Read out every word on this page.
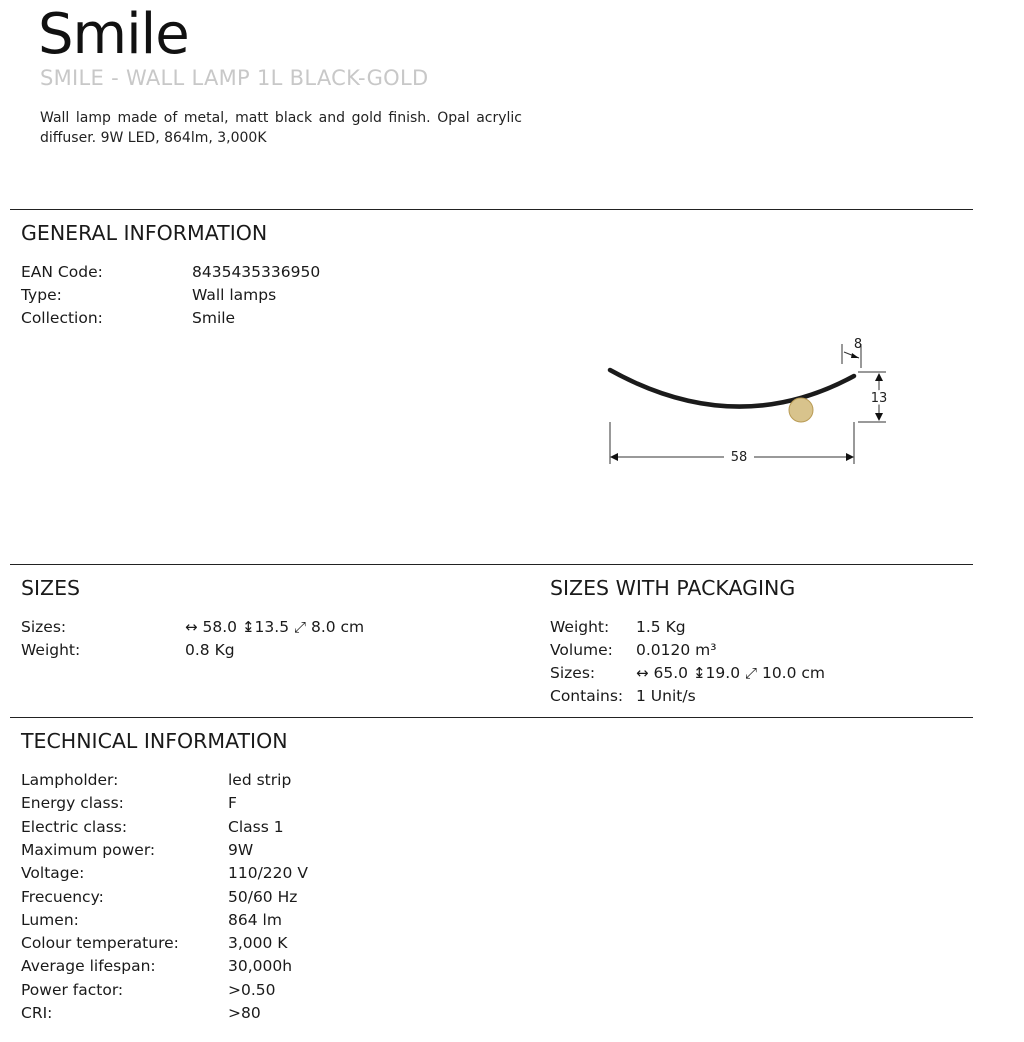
Smile
SMILE - WALL LAMP 1L BLACK-GOLD
Wall lamp made of metal, matt black and gold finish. Opal acrylic diffuser. 9W LED, 864lm, 3,000K
GENERAL INFORMATION
EAN Code:	8435435336950
Type:	Wall lamps
Collection:	Smile
8
13
58
SIZES
Sizes:	↔ 58.0 ↨13.5 ⤢ 8.0 cm
Weight:	0.8 Kg
SIZES WITH PACKAGING
Weight: 1.5 Kg
Volume: 0.0120 m³
Sizes:	↔ 65.0 ↨19.0 ⤢ 10.0 cm
Contains: 1 Unit/s
TECHNICAL INFORMATION
Lampholder:	led strip
Energy class:	F
Electric class:	Class 1
Maximum power:	9W
Voltage:	110/220 V
Frecuency:	50/60 Hz
Lumen:	864 lm
Colour temperature:	3,000 K
Average lifespan:	30,000h
Power factor:	>0.50
CRI:	>80
